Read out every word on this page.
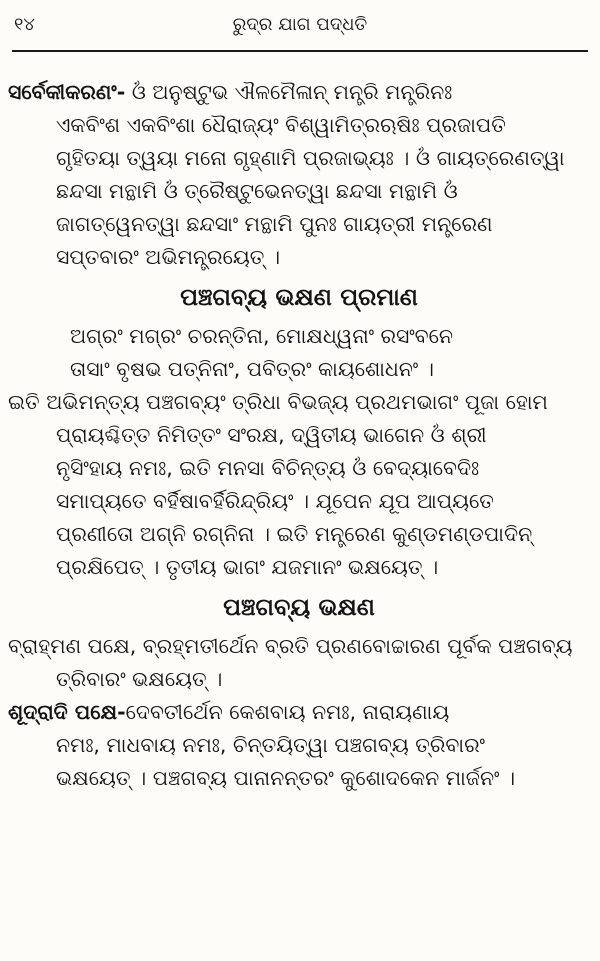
୧୪	ରୁଦ୍ର ଯାଗ ପଦ୍ଧତି
ସର୍ବେକୀକରଣଂ- ଓଁ ଅନୁଷ୍ଟୁଭ ଐଳମୈଳାନ୍ ମନ୍ତ୍ରି ମନ୍ତ୍ରିନଃ
ଏକବିଂଶ ଏକବିଂଶା ଧୈରାଜ୍ୟଂ ବିଶ୍ୱାମିତ୍ରଋଷିଃ ପ୍ରଜାପତି
ଗୃହିତୟା ତ୍ୱୟା ମନୋ ଗୃହ୍ଣାମି ପ୍ରଜାଭ୍ୟଃ । ଓଁ ଗାୟତ୍ରେଣତ୍ୱା
ଛନ୍ଦସା ମନ୍ଥାମି ଓଁ ତ୍ରୈଷ୍ଟୁଭେନତ୍ୱା ଛନ୍ଦସା ମନ୍ଥାମି ଓଁ
ଜାଗତ୍ୱେନତ୍ୱା ଛନ୍ଦସାଂ ମନ୍ଥାମି ପୁନଃ ଗାୟତ୍ରୀ ମନ୍ତ୍ରେଣ
ସପ୍ତବାରଂ ଅଭିମନ୍ତ୍ରୟେତ୍ ।
ପଞ୍ଚଗବ୍ୟ ଭକ୍ଷଣ ପ୍ରମାଣ
ଅଗ୍ରଂ ମଗ୍ରଂ ଚରନ୍ତିନା, ମୋକ୍ଷଧ୍ୱନାଂ ରସଂବନେ
ତାସାଂ ବୃଷଭ ପତ୍ନିନାଂ, ପବିତ୍ରଂ କାୟଶୋଧନଂ ।
ଇତି ଅଭିମନ୍ତ୍ୟ ପଞ୍ଚଗବ୍ୟଂ ତ୍ରିଧା ବିଭଜ୍ୟ ପ୍ରଥମଭାଗଂ ପୂଜା ହୋମ
ପ୍ରାୟଶ୍ଚିତ୍ତ ନିମିତ୍ତଂ ସଂରକ୍ଷ, ଦ୍ୱିତୀୟ ଭାଗେନ ଓଁ ଶ୍ରୀ
ନୃସିଂହାୟ ନମଃ, ଇତି ମନସା ବିଚିନ୍ତ୍ୟ ଓଁ ବେଦ୍ୟାବେଦିଃ
ସମାପ୍ୟତେ ବର୍ହିଷାବର୍ହିରିନ୍ଦ୍ରିୟଂ । ଯୂପେନ ଯୂପ ଆପ୍ୟତେ
ପ୍ରଣୀତୋ ଅଗ୍ନି ରଗ୍ନିନା । ଇତି ମନ୍ତ୍ରେଣ କୁଣ୍ଡମଣ୍ଡପାଦିନ୍
ପ୍ରକ୍ଷିପେତ୍ । ତୃତୀୟ ଭାଗଂ ଯଜମାନଂ ଭକ୍ଷୟେତ୍ ।
ପଞ୍ଚଗବ୍ୟ ଭକ୍ଷଣ
ବ୍ରାହ୍ମଣ ପକ୍ଷେ, ବ୍ରହ୍ମତୀର୍ଥେନ ବ୍ରତି ପ୍ରଣବୋଚ୍ଚାରଣ ପୂର୍ବକ ପଞ୍ଚଗବ୍ୟ
ତ୍ରିବାରଂ ଭକ୍ଷୟେତ୍ ।
ଶୂଦ୍ରାଦି ପକ୍ଷେ-ଦେବତୀର୍ଥେନ କେଶବାୟ ନମଃ, ନାରାୟଣାୟ
ନମଃ, ମାଧବାୟ ନମଃ, ଚିନ୍ତୟିତ୍ୱା ପଞ୍ଚଗବ୍ୟ ତ୍ରିବାରଂ
ଭକ୍ଷୟେତ୍ । ପଞ୍ଚଗବ୍ୟ ପାନାନନ୍ତରଂ କୁଶୋଦକେନ ମାର୍ଜନଂ ।
